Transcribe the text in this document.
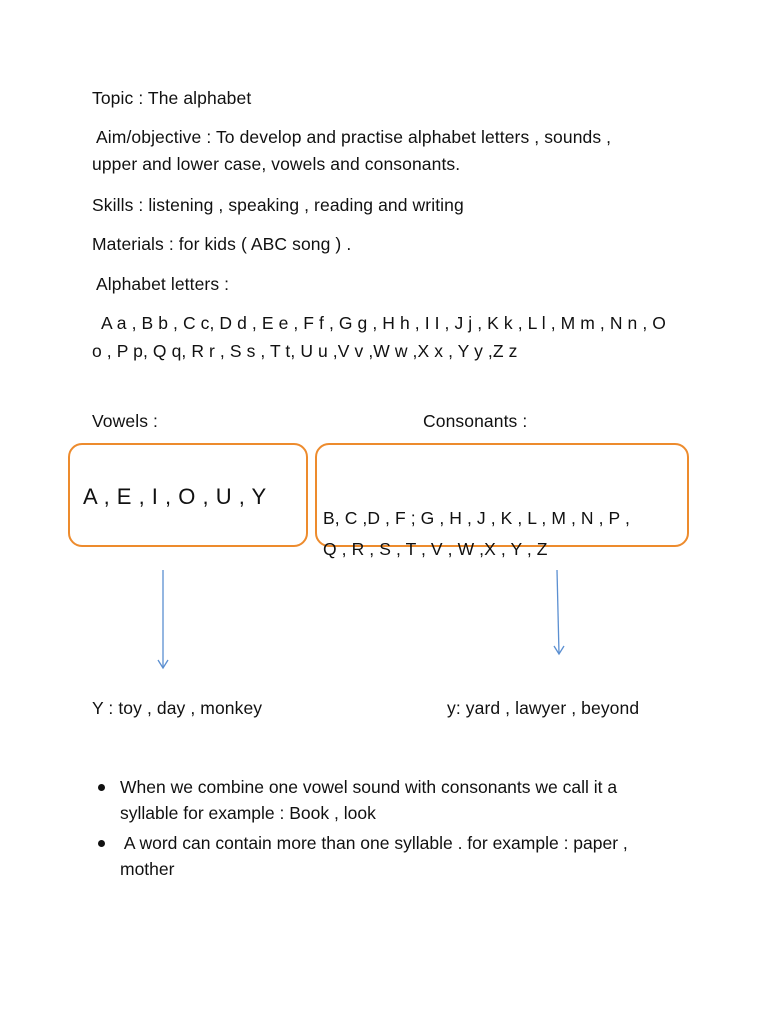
Topic : The alphabet
Aim/objective : To develop and practise alphabet letters , sounds ,
upper and lower case, vowels and consonants.
Skills : listening , speaking , reading and writing
Materials : for kids ( ABC song ) .
Alphabet letters :
A a , B b , C c, D d , E e , F f , G g , H h , I I , J j , K k , L l , M m , N n , O
o , P p, Q q, R r , S s , T t, U u ,V v ,W w ,X x , Y y ,Z z
Vowels :	Consonants :
A , E , I , O , U , Y
B, C ,D , F ; G , H , J , K , L , M , N , P ,
Q , R , S , T , V , W ,X , Y , Z
Y : toy , day , monkey	y: yard , lawyer , beyond
When we combine one vowel sound with consonants we call it a
syllable for example : Book , look
A word can contain more than one syllable . for example : paper ,
mother
